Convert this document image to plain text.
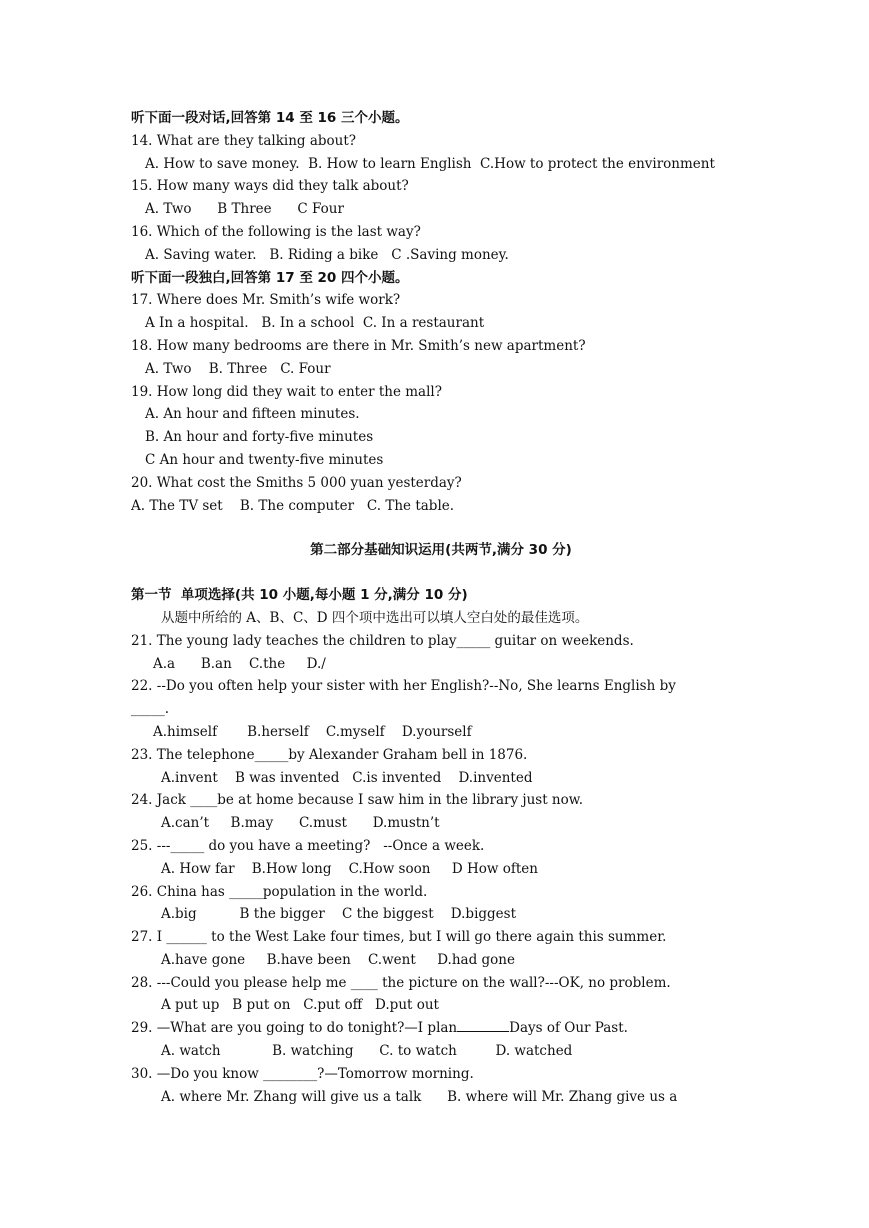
听下面一段对话,回答第 14 至 16 三个小题。
14. What are they talking about?
A. How to save money.  B. How to learn English  C.How to protect the environment
15. How many ways did they talk about?
A. Two      B Three      C Four
16. Which of the following is the last way?
A. Saving water.   B. Riding a bike   C .Saving money.
听下面一段独白,回答第 17 至 20 四个小题。
17. Where does Mr. Smith’s wife work?
A In a hospital.   B. In a school  C. In a restaurant
18. How many bedrooms are there in Mr. Smith’s new apartment?
A. Two    B. Three   C. Four
19. How long did they wait to enter the mall?
A. An hour and fifteen minutes.
B. An hour and forty-five minutes
C An hour and twenty-five minutes
20. What cost the Smiths 5 000 yuan yesterday?
A. The TV set    B. The computer   C. The table.
第二部分基础知识运用(共两节,满分 30 分)
第一节  单项选择(共 10 小题,每小题 1 分,满分 10 分)
从题中所给的 A、B、C、D 四个项中选出可以填人空白处的最佳选项。
21. The young lady teaches the children to play_____ guitar on weekends.
A.a      B.an    C.the     D./
22. --Do you often help your sister with her English?--No, She learns English by
_____.
A.himself       B.herself    C.myself    D.yourself
23. The telephone_____by Alexander Graham bell in 1876.
A.invent    B was invented   C.is invented    D.invented
24. Jack ____be at home because I saw him in the library just now.
A.can’t     B.may      C.must      D.mustn’t
25. ---_____ do you have a meeting?   --Once a week.
A. How far    B.How long    C.How soon     D How often
26. China has _____population in the world.
A.big          B the bigger    C the biggest    D.biggest
27. I ______ to the West Lake four times, but I will go there again this summer.
A.have gone     B.have been    C.went     D.had gone
28. ---Could you please help me ____ the picture on the wall?---OK, no problem.
A put up   B put on   C.put off   D.put out
29. —What are you going to do tonight?—I plan	Days of Our Past.
A. watch            B. watching      C. to watch         D. watched
30. —Do you know ________?—Tomorrow morning.
A. where Mr. Zhang will give us a talk      B. where will Mr. Zhang give us a
